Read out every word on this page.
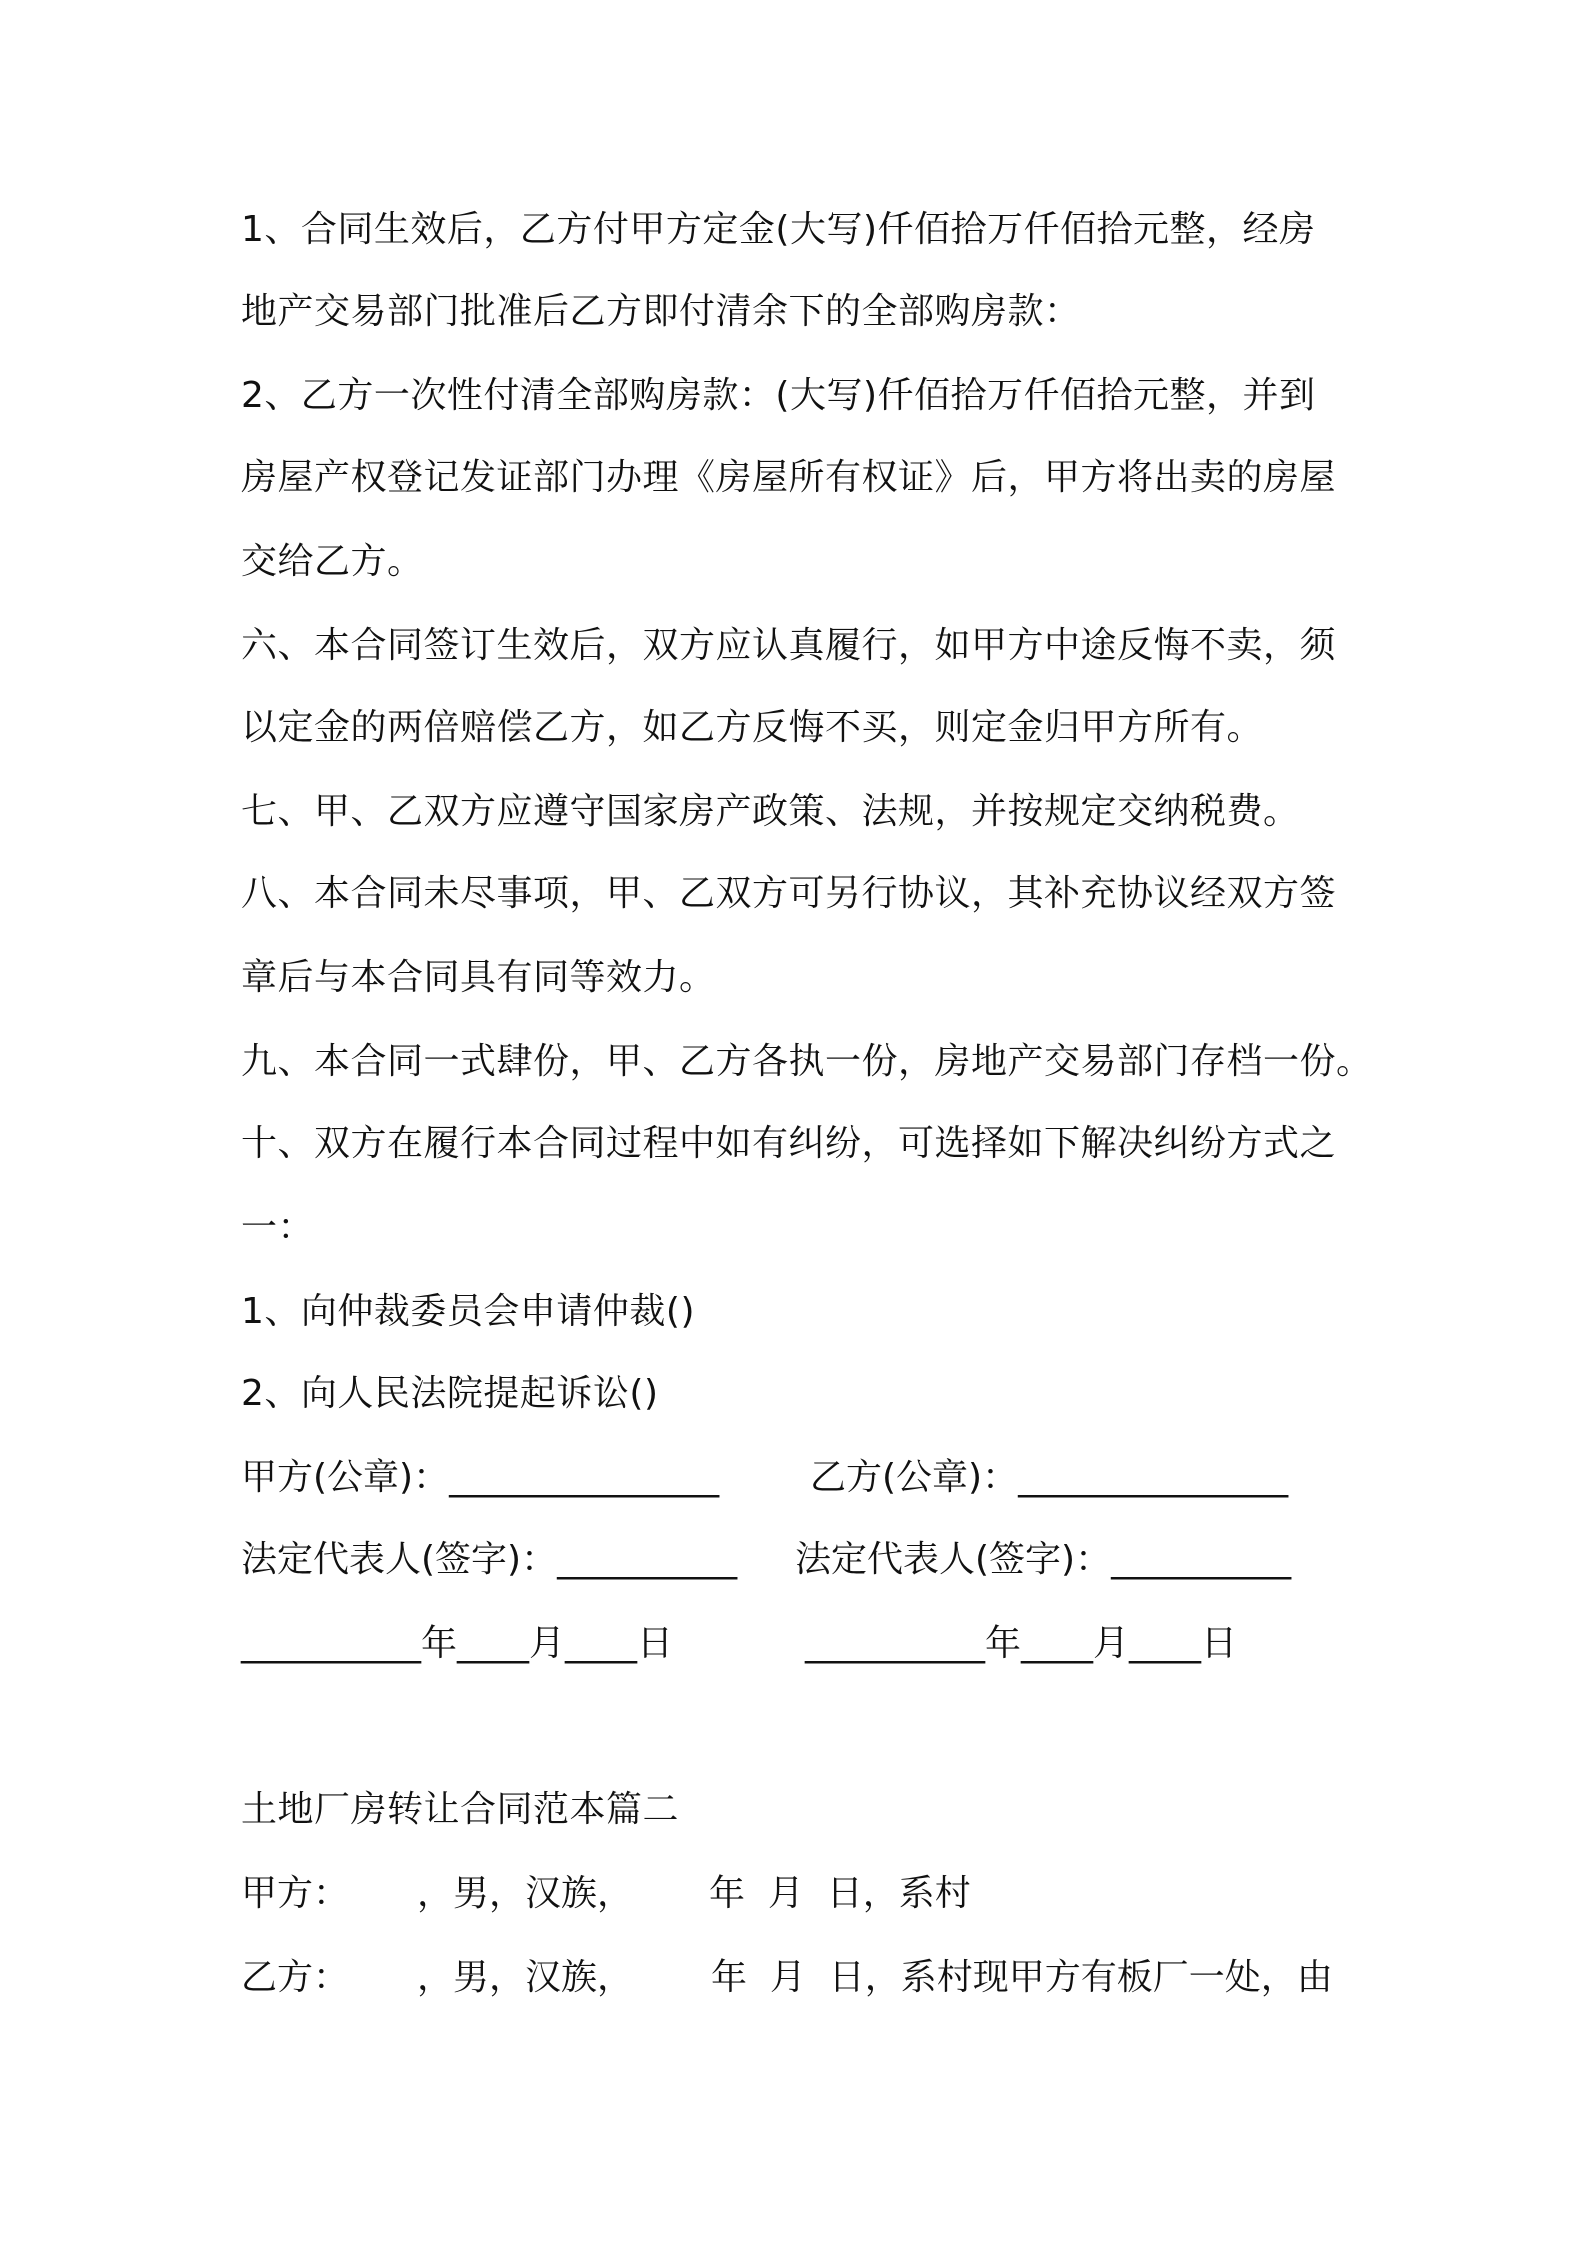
1、合同生效后，乙方付甲方定金(大写)仟佰拾万仟佰拾元整，经房
地产交易部门批准后乙方即付清余下的全部购房款：
2、乙方一次性付清全部购房款：(大写)仟佰拾万仟佰拾元整，并到
房屋产权登记发证部门办理《房屋所有权证》后，甲方将出卖的房屋
交给乙方。
六、本合同签订生效后，双方应认真履行，如甲方中途反悔不卖，须
以定金的两倍赔偿乙方，如乙方反悔不买，则定金归甲方所有。
七、甲、乙双方应遵守国家房产政策、法规，并按规定交纳税费。
八、本合同未尽事项，甲、乙双方可另行协议，其补充协议经双方签
章后与本合同具有同等效力。
九、本合同一式肆份，甲、乙方各执一份，房地产交易部门存档一份。
十、双方在履行本合同过程中如有纠纷，可选择如下解决纠纷方式之
一：
1、向仲裁委员会申请仲裁()
2、向人民法院提起诉讼()

甲方(公章)：_______________

	乙方(公章)：_______________

法定代表人(签字)：__________

法定代表人(签字)：__________

__________年____月____日

	__________年____月____日

土地厂房转让合同范本篇二

甲方：

，男，汉族，

年  月  日，系村

乙方：

，男，汉族，

年  月  日，系村现甲方有板厂一处，由
